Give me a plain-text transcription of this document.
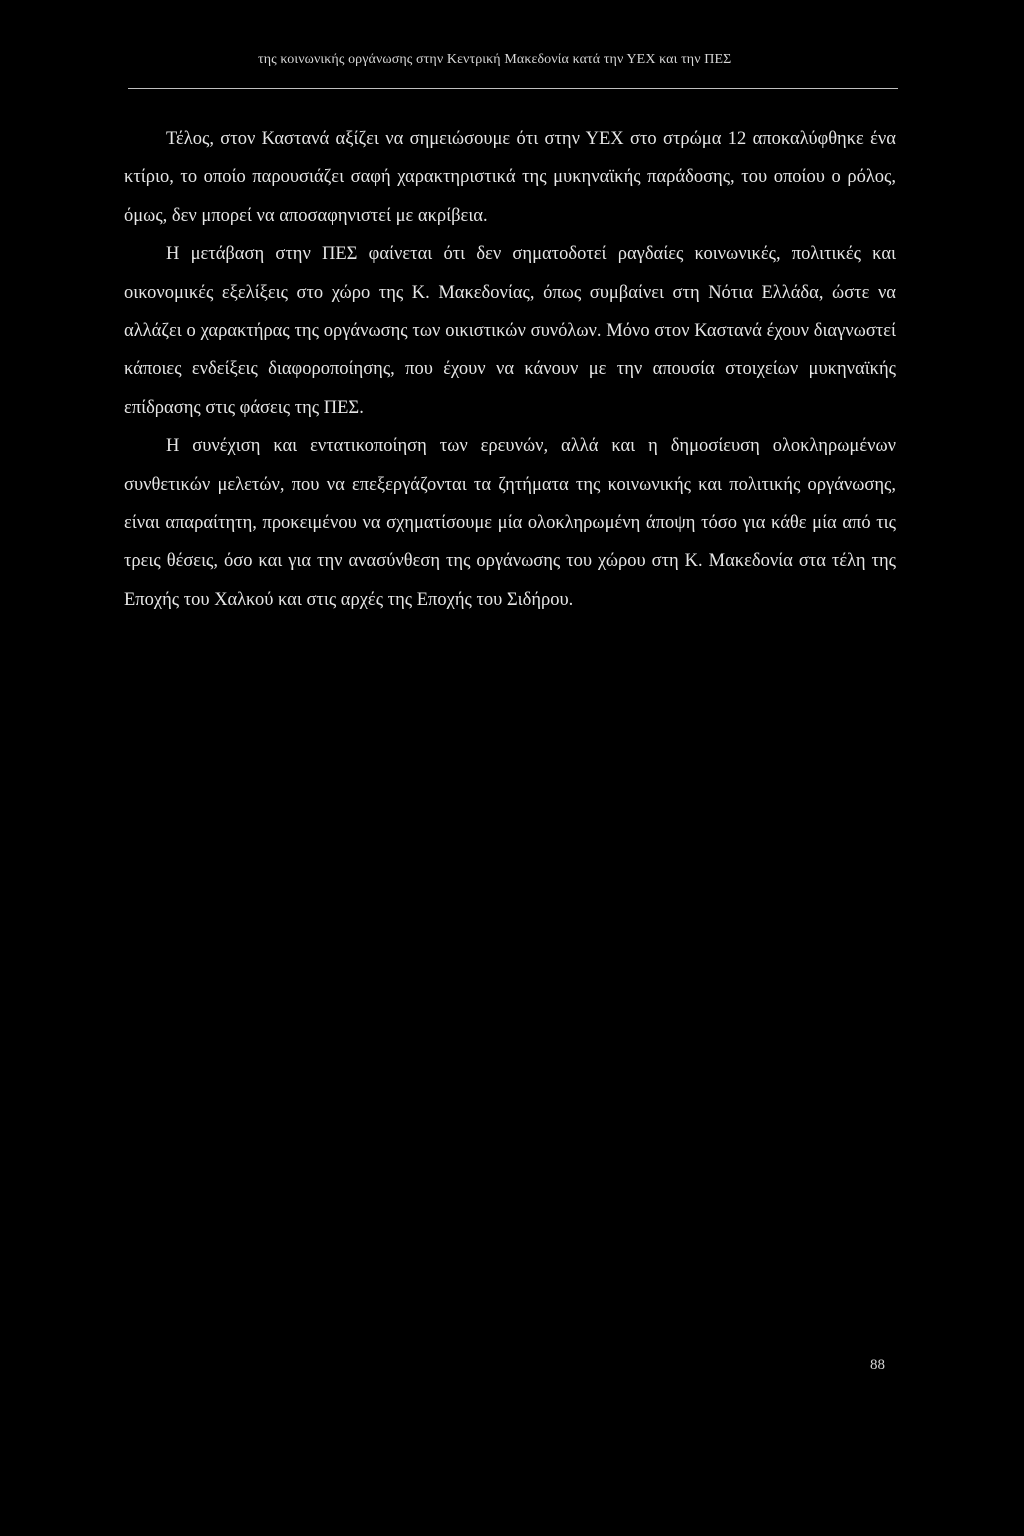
της κοινωνικής οργάνωσης στην Κεντρική Μακεδονία κατά την ΥΕΧ και την ΠΕΣ

Τέλος, στον Καστανά αξίζει να σημειώσουμε ότι στην ΥΕΧ στο στρώμα 12 αποκαλύφθηκε ένα κτίριο, το οποίο παρουσιάζει σαφή χαρακτηριστικά της μυκηναϊκής παράδοσης, του οποίου ο ρόλος, όμως, δεν μπορεί να αποσαφηνιστεί με ακρίβεια.

Η μετάβαση στην ΠΕΣ φαίνεται ότι δεν σηματοδοτεί ραγδαίες κοινωνικές, πολιτικές και οικονομικές εξελίξεις στο χώρο της Κ. Μακεδονίας, όπως συμβαίνει στη Νότια Ελλάδα, ώστε να αλλάζει ο χαρακτήρας της οργάνωσης των οικιστικών συνόλων. Μόνο στον Καστανά έχουν διαγνωστεί κάποιες ενδείξεις διαφοροποίησης, που έχουν να κάνουν με την απουσία στοιχείων μυκηναϊκής επίδρασης στις φάσεις της ΠΕΣ.

Η συνέχιση και εντατικοποίηση των ερευνών, αλλά και η δημοσίευση ολοκληρωμένων συνθετικών μελετών, που να επεξεργάζονται τα ζητήματα της κοινωνικής και πολιτικής οργάνωσης, είναι απαραίτητη, προκειμένου να σχηματίσουμε μία ολοκληρωμένη άποψη τόσο για κάθε μία από τις τρεις θέσεις, όσο και για την ανασύνθεση της οργάνωσης του χώρου στη Κ. Μακεδονία στα τέλη της Εποχής του Χαλκού και στις αρχές της Εποχής του Σιδήρου.

88
